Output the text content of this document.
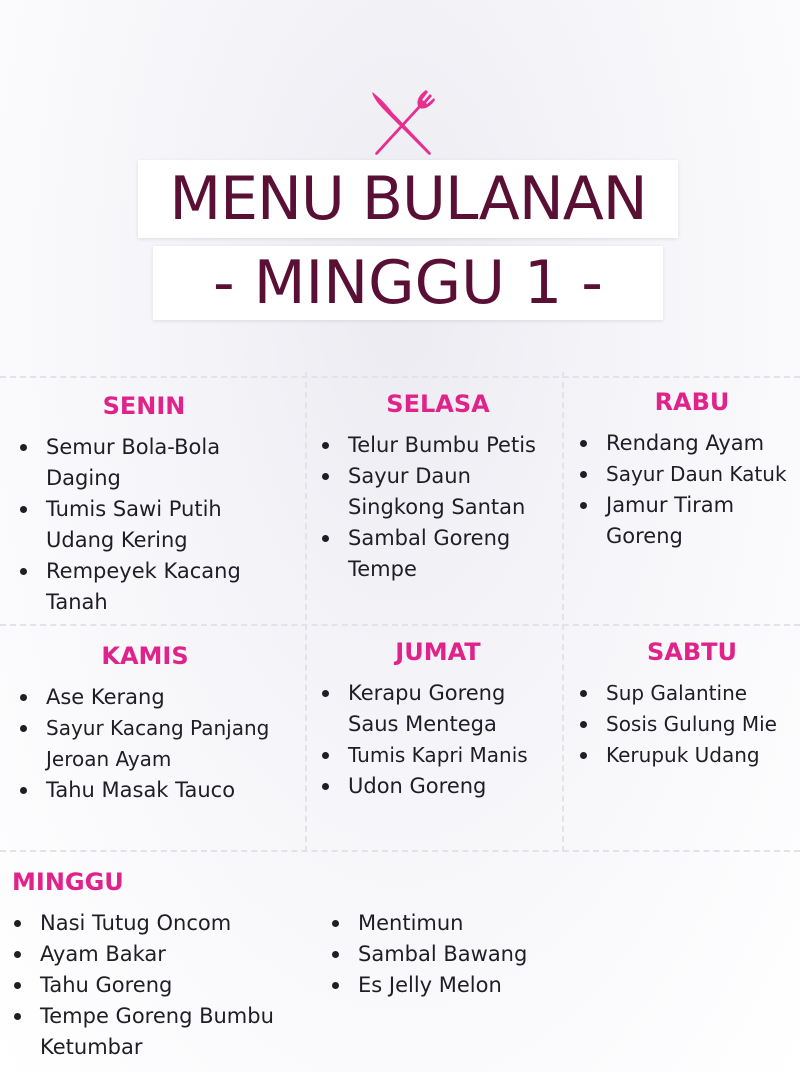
MENU BULANAN
- MINGGU 1 -
SENIN
Semur Bola-Bola Daging
Tumis Sawi Putih Udang Kering
Rempeyek Kacang Tanah
SELASA
Telur Bumbu Petis
Sayur Daun Singkong Santan
Sambal Goreng Tempe
RABU
Rendang Ayam
Sayur Daun Katuk
Jamur Tiram Goreng
KAMIS
Ase Kerang
Sayur Kacang Panjang Jeroan Ayam
Tahu Masak Tauco
JUMAT
Kerapu Goreng Saus Mentega
Tumis Kapri Manis
Udon Goreng
SABTU
Sup Galantine
Sosis Gulung Mie
Kerupuk Udang
MINGGU
Nasi Tutug Oncom
Ayam Bakar
Tahu Goreng
Tempe Goreng Bumbu Ketumbar
Mentimun
Sambal Bawang
Es Jelly Melon
